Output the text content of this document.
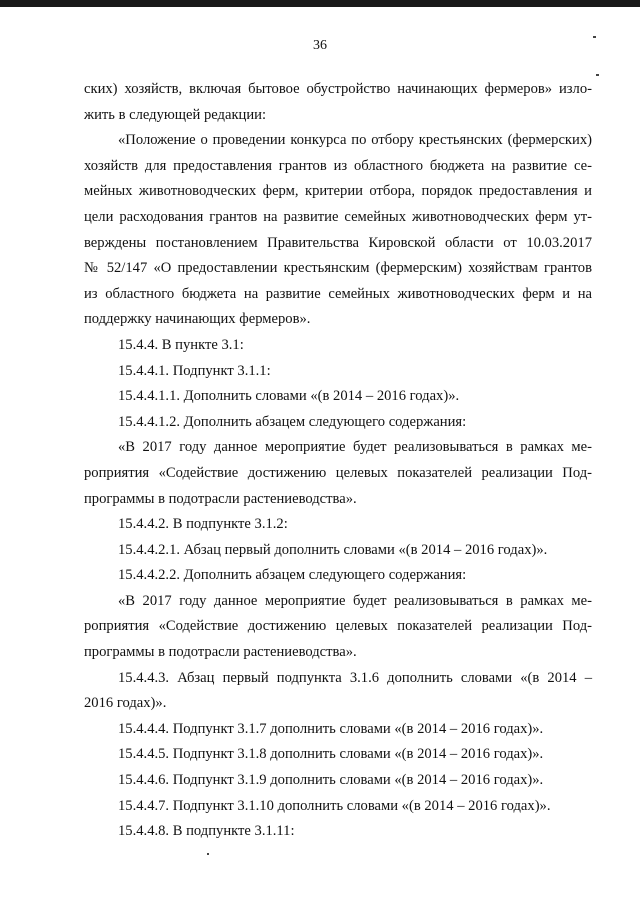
36
ских) хозяйств, включая бытовое обустройство начинающих фермеров» изло-
жить в следующей редакции:
«Положение о проведении конкурса по отбору крестьянских (фермерских)
хозяйств для предоставления грантов из областного бюджета на развитие се-
мейных животноводческих ферм, критерии отбора, порядок предоставления и
цели расходования грантов на развитие семейных животноводческих ферм ут-
верждены постановлением Правительства Кировской области от 10.03.2017
№ 52/147 «О предоставлении крестьянским (фермерским) хозяйствам грантов
из областного бюджета на развитие семейных животноводческих ферм и на
поддержку начинающих фермеров».
15.4.4. В пункте 3.1:
15.4.4.1. Подпункт 3.1.1:
15.4.4.1.1. Дополнить словами «(в 2014 – 2016 годах)».
15.4.4.1.2. Дополнить абзацем следующего содержания:
«В 2017 году данное мероприятие будет реализовываться в рамках ме-
роприятия «Содействие достижению целевых показателей реализации Под-
программы в подотрасли растениеводства».
15.4.4.2. В подпункте 3.1.2:
15.4.4.2.1. Абзац первый дополнить словами «(в 2014 – 2016 годах)».
15.4.4.2.2. Дополнить абзацем следующего содержания:
«В 2017 году данное мероприятие будет реализовываться в рамках ме-
роприятия «Содействие достижению целевых показателей реализации Под-
программы в подотрасли растениеводства».
15.4.4.3. Абзац первый подпункта 3.1.6 дополнить словами «(в 2014 –
2016 годах)».
15.4.4.4. Подпункт 3.1.7 дополнить словами «(в 2014 – 2016 годах)».
15.4.4.5. Подпункт 3.1.8 дополнить словами «(в 2014 – 2016 годах)».
15.4.4.6. Подпункт 3.1.9 дополнить словами «(в 2014 – 2016 годах)».
15.4.4.7. Подпункт 3.1.10 дополнить словами «(в 2014 – 2016 годах)».
15.4.4.8. В подпункте 3.1.11:
